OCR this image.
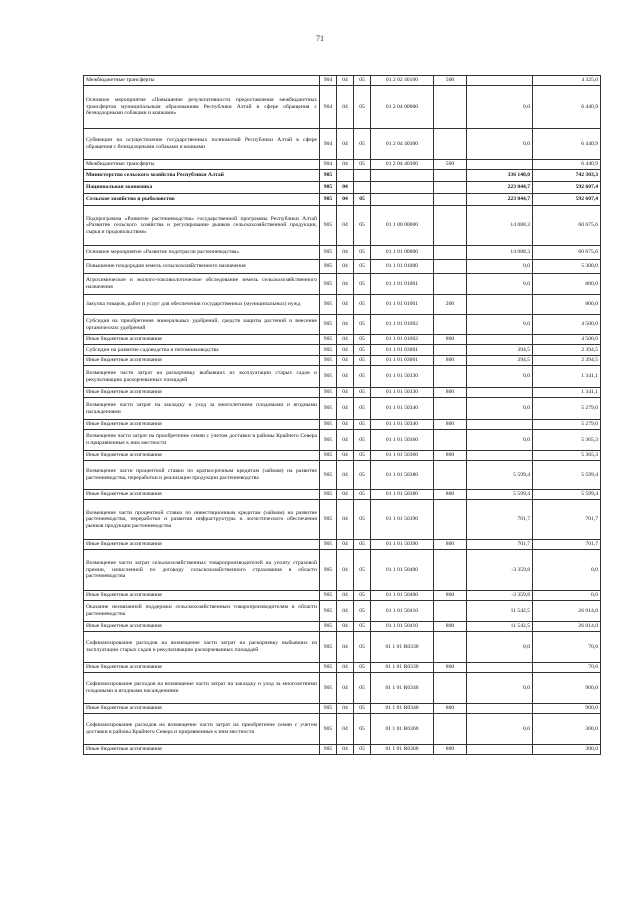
71
Межбюджетные трансферты	904	04	05	01 2 02 40100	500		4 325,0
Основное мероприятие «Повышение результативности предоставления межбюджетных трансфертов муниципальным образованиям Республики Алтай в сфере обращения с безнадзорными собаками и кошками»	904	04	05	01 2 04 00000		0,0	6 440,9
Субвенции на осуществление государственных полномочий Республики Алтай в сфере обращения с безнадзорными собаками и кошками	904	04	05	01 2 04 40300		0,0	6 440,9
Межбюджетные трансферты	904	04	05	01 2 04 40300	500		6 440,9
Министерство сельского хозяйства Республики Алтай	905					336 148,0	742 303,3
Национальная экономика	905	04				223 044,7	592 607,4
Сельское хозяйство и рыболовство	905	04	05			223 044,7	592 607,4
Подпрограмма «Развитие растениеводства» государственной программы Республики Алтай «Развитие сельского хозяйства и регулирование рынков сельскохозяйственной продукции, сырья и продовольствия»	905	04	05	01 1 00 00000		14 088,3	60 675,6
Основное мероприятие «Развитие подотрасли растениеводства»	905	04	05	01 1 01 00000		14 088,3	60 675,6
Повышение плодородия земель сельскохозяйственного назначения	905	04	05	01 1 01 01000		0,0	5 300,0
Агрохимическое и эколого-токсикологическое обследование земель сельскохозяйственного назначения	905	04	05	01 1 01 01001		0,0	800,0
Закупка товаров, работ и услуг для обеспечения государственных (муниципальных) нужд	905	04	05	01 1 01 01001	200		800,0
Субсидия на приобретение минеральных удобрений, средств защиты растений и внесение органических удобрений	905	04	05	01 1 01 01002		0,0	4 500,0
Иные бюджетные ассигнования	905	04	05	01 1 01 01002	800		4 500,0
Субсидии на развитие садоводства и питомниководства	905	04	05	01 1 01 03001		394,5	2 394,5
Иные бюджетные ассигнования	905	04	05	01 1 01 03001	800	394,5	2 394,5
Возмещение части затрат на раскорчевку выбывших из эксплуатации старых садов и рекультивацию раскорчеванных площадей	905	04	05	01 1 01 50330		0,0	1 341,1
Иные бюджетные ассигнования	905	04	05	01 1 01 50330	800		1 341,1
Возмещение части затрат на закладку и уход за многолетними плодовыми и ягодными насаждениями	905	04	05	01 1 01 50340		0,0	5 279,0
Иные бюджетные ассигнования	905	04	05	01 1 01 50340	800		5 279,0
Возмещение части затрат на приобретение семян с учетом доставки в районы Крайнего Севера и приравненные к ним местности	905	04	05	01 1 01 50360		0,0	5 365,3
Иные бюджетные ассигнования	905	04	05	01 1 01 50360	800		5 365,3
Возмещение части процентной ставки по краткосрочным кредитам (займам) на развитие растениеводства, переработки и реализации продукции растениеводства	905	04	05	01 1 01 50380		5 599,4	5 599,4
Иные бюджетные ассигнования	905	04	05	01 1 01 50380	800	5 599,4	5 599,4
Возмещение части процентной ставки по инвестиционным кредитам (займам) на развитие растениеводства, переработки и развития инфраструктуры и логистического обеспечения рынков продукции растениеводства	905	04	05	01 1 01 50390		701,7	701,7
Иные бюджетные ассигнования	905	04	05	01 1 01 50390	800	701,7	701,7
Возмещение части затрат сельскохозяйственных товаропроизводителей на уплату страховой премии, начисленной по договору сельскохозяйственного страхования в области растениеводства	905	04	05	01 1 01 50400		-3 359,8	0,0
Иные бюджетные ассигнования	905	04	05	01 1 01 50400	800	-3 359,8	0,0
Оказание несвязанной поддержки сельскохозяйственным товаропроизводителям в области растениеводства	905	04	05	01 1 01 50410		11 542,5	26 014,0
Иные бюджетные ассигнования	905	04	05	01 1 01 50410	800	11 542,5	26 014,0
Софинансирование расходов на возмещение части затрат на раскорчевку выбывших из эксплуатации старых садов и рекультивацию раскорчеванных площадей	905	04	05	01 1 01 R0330		0,0	70,6
Иные бюджетные ассигнования	905	04	05	01 1 01 R0330	800		70,6
Софинансирование расходов на возмещение части затрат на закладку и уход за многолетними плодовыми и ягодными насаждениями	905	04	05	01 1 01 R0340		0,0	900,0
Иные бюджетные ассигнования	905	04	05	01 1 01 R0340	800		900,0
Софинансирование расходов на возмещение части затрат на приобретение семян с учетом доставки в районы Крайнего Севера и приравненные к ним местности	905	04	05	01 1 01 R0360		0,0	300,0
Иные бюджетные ассигнования	905	04	05	01 1 01 R0360	800		300,0
